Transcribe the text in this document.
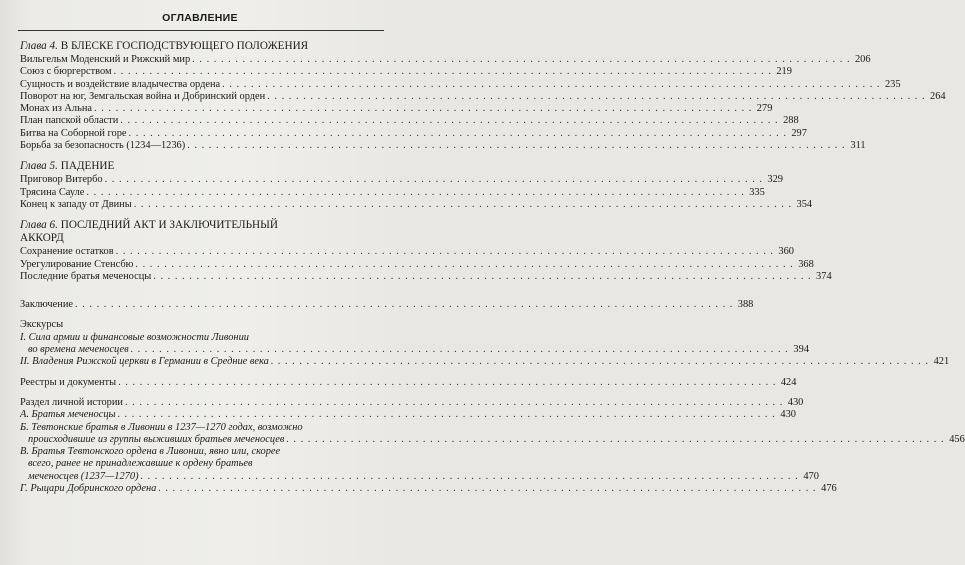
ОГЛАВЛЕНИЕ
Глава 4. В БЛЕСКЕ ГОСПОДСТВУЮЩЕГО ПОЛОЖЕНИЯ
Вильгельм Моденский и Рижский мир . . .	206
Союз с бюргерством . . .	219
Сущность и воздействие владычества ордена . . .	235
Поворот на юг, Земгальская война и Добринский орден . . .	264
Монах из Альна . . .	279
План папской области . . .	288
Битва на Соборной горе . . .	297
Борьба за безопасность (1234—1236) . . .	311
Глава 5. ПАДЕНИЕ
Приговор Витербо . . .	329
Трясина Сауле . . .	335
Конец к западу от Двины . . .	354
Глава 6. ПОСЛЕДНИЙ АКТ И ЗАКЛЮЧИТЕЛЬНЫЙ
АККОРД
Сохранение остатков . . .	360
Урегулирование Стенсбю . . .	368
Последние братья меченосцы . . .	374
Заключение . . .	388
Экскурсы
I. Сила армии и финансовые возможности Ливонии
во времена меченосцев . . .	394
II. Владения Рижской церкви в Германии в Средние века . . .	421
Реестры и документы . . .	424
Раздел личной истории . . .	430
А. Братья меченосцы . . .	430
Б. Тевтонские братья в Ливонии в 1237—1270 годах, возможно
происходившие из группы выживших братьев меченосцев . . .	456
В. Братья Тевтонского ордена в Ливонии, явно или, скорее
всего, ранее не принадлежавшие к ордену братьев
меченосцев (1237—1270) . . .	470
Г. Рыцари Добринского ордена . . .	476
